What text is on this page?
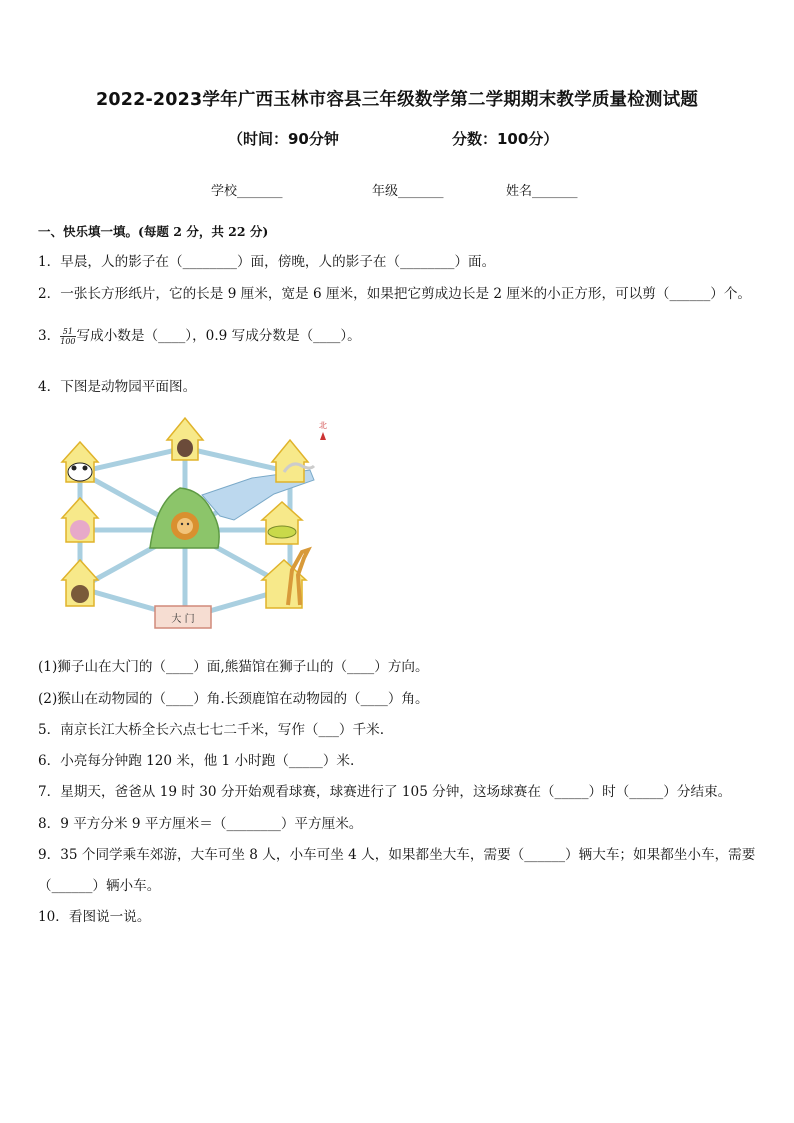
2022-2023学年广西玉林市容县三年级数学第二学期期末教学质量检测试题
（时间：90分钟	分数：100分）
学校_______	年级_______	姓名_______
一、快乐填一填。(每题 2 分，共 22 分)
1．早晨，人的影子在（________）面，傍晚，人的影子在（________）面。
2．一张长方形纸片，它的长是 9 厘米，宽是 6 厘米，如果把它剪成边长是 2 厘米的小正方形，可以剪（______）个。
3． $\frac{51}{100}$ 写成小数是（____），0.9 写成分数是（____）。
4．下图是动物园平面图。
大 门
北
(1)狮子山在大门的（____）面,熊猫馆在狮子山的（____）方向。
(2)猴山在动物园的（____）角.长颈鹿馆在动物园的（____）角。
5．南京长江大桥全长六点七七二千米，写作（___）千米.
6．小亮每分钟跑 120 米，他 1 小时跑（_____）米.
7．星期天，爸爸从 19 时 30 分开始观看球赛，球赛进行了 105 分钟，这场球赛在（_____）时（_____）分结束。
8．9 平方分米 9 平方厘米＝（________）平方厘米。
9．35 个同学乘车郊游，大车可坐 8 人，小车可坐 4 人，如果都坐大车，需要（______）辆大车；如果都坐小车，需要
（______）辆小车。
10．看图说一说。
